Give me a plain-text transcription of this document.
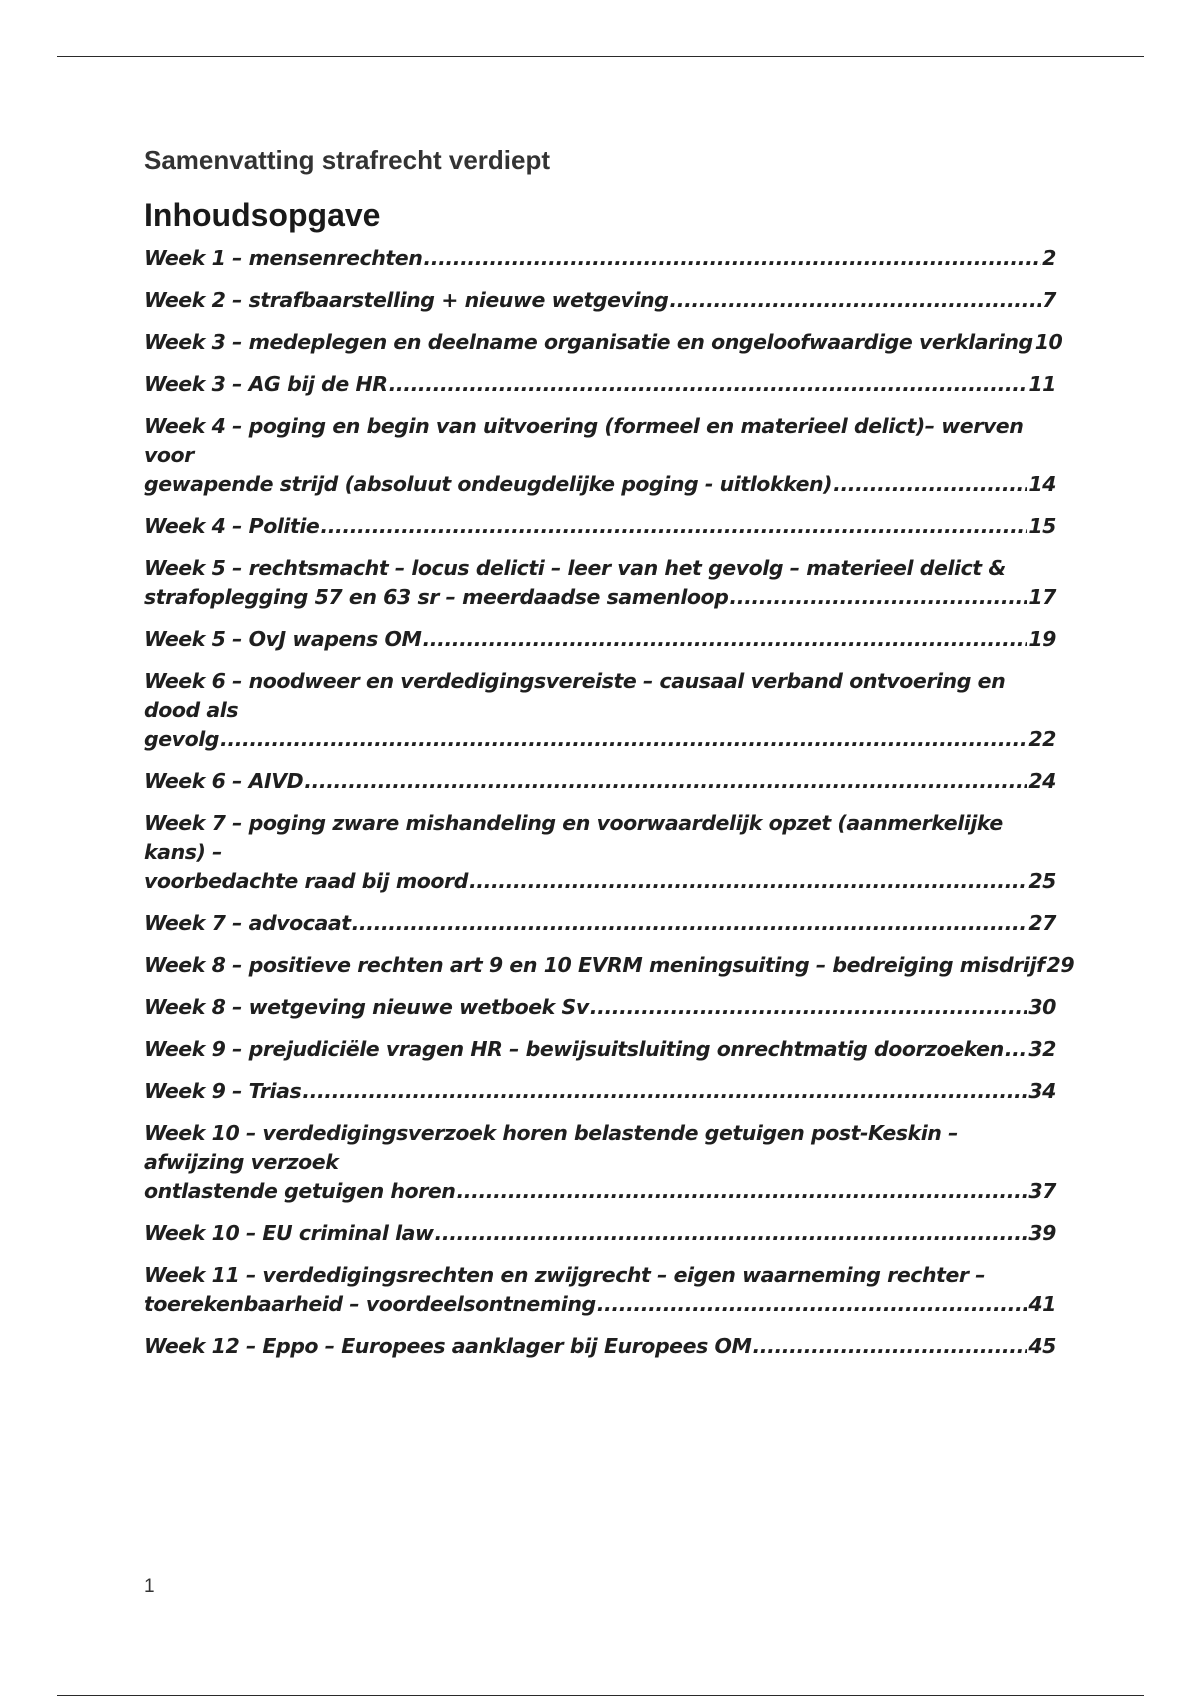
Samenvatting strafrecht verdiept
Inhoudsopgave
Week 1 – mensenrechten .....	2
Week 2 – strafbaarstelling + nieuwe wetgeving .....	7
Week 3 – medeplegen en deelname organisatie en ongeloofwaardige verklaring 10
Week 3 – AG bij de HR .....	11
Week 4 – poging en begin van uitvoering (formeel en materieel delict)– werven voor
gewapende strijd (absoluut ondeugdelijke poging - uitlokken) .....	14
Week 4 – Politie .....	15
Week 5 – rechtsmacht – locus delicti – leer van het gevolg – materieel delict &
strafoplegging 57 en 63 sr – meerdaadse samenloop .....	17
Week 5 – OvJ wapens OM .....	19
Week 6 – noodweer en verdedigingsvereiste – causaal verband ontvoering en dood als
gevolg .....	22
Week 6 – AIVD .....	24
Week 7 – poging zware mishandeling en voorwaardelijk opzet (aanmerkelijke kans) –
voorbedachte raad bij moord .....	25
Week 7 – advocaat .....	27
Week 8 – positieve rechten art 9 en 10 EVRM meningsuiting – bedreiging misdrijf 29
Week 8 – wetgeving nieuwe wetboek Sv .....	30
Week 9 – prejudiciële vragen HR – bewijsuitsluiting onrechtmatig doorzoeken ..... 32
Week 9 – Trias .....	34
Week 10 – verdedigingsverzoek horen belastende getuigen post-Keskin – afwijzing verzoek
ontlastende getuigen horen .....	37
Week 10 – EU criminal law .....	39
Week 11 – verdedigingsrechten en zwijgrecht – eigen waarneming rechter –
toerekenbaarheid – voordeelsontneming .....	41
Week 12 – Eppo – Europees aanklager bij Europees OM .....	45
1
